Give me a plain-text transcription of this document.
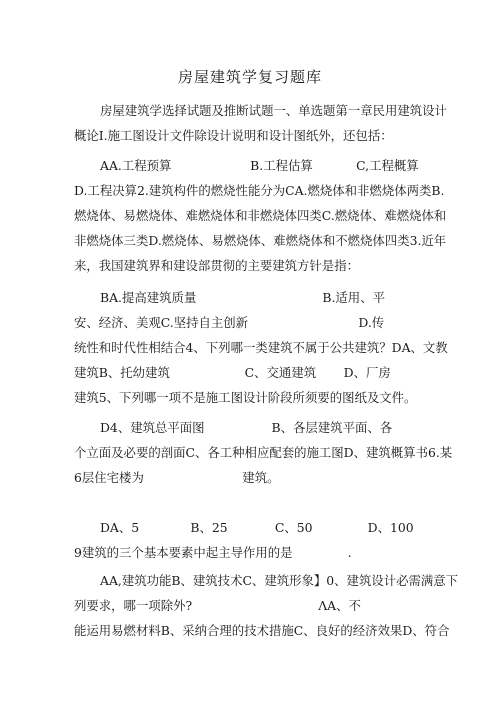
房屋建筑学复习题库
房屋建筑学选择试题及推断试题一、单选题第一章民用建筑设计
概论I.施工图设计文件除设计说明和设计图纸外，还包括：
AA.工程预算                    B.工程估算           C,工程概算
D.工程决算2.建筑构件的燃烧性能分为CA.燃烧体和非燃烧体两类B.
燃烧体、易燃烧体、难燃烧体和非燃烧体四类C.燃烧体、难燃烧体和
非燃烧体三类D.燃烧体、易燃烧体、难燃烧体和不燃烧体四类3.近年
来，我国建筑界和建设部贯彻的主要建筑方针是指：
BA.提高建筑质量                                B.适用、平
安、经济、美观C.坚持自主创新                            D.传
统性和时代性相结合4、下列哪一类建筑不属于公共建筑？DA、文教
建筑B、托幼建筑                   C、交通建筑       D、厂房
建筑5、下列哪一项不是施工图设计阶段所须要的图纸及文件。
D4、建筑总平面图                 B、各层建筑平面、各
个立面及必要的剖面C、各工种相应配套的施工图D、建筑概算书6.某
6层住宅楼为                         建筑。
DA、5             B、25            C、50              D、100
9建筑的三个基本要素中起主导作用的是              .
AA,建筑功能B、建筑技术C、建筑形象】0、建筑设计必需满意下
列要求，哪一项除外?                                ΛA、不
能运用易燃材料B、采纳合理的技术措施C、良好的经济效果D、符合
